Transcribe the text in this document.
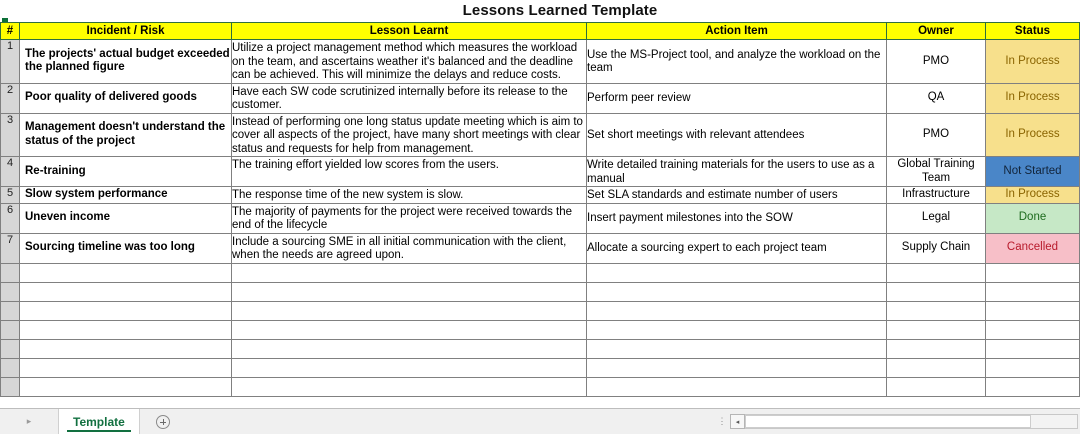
Lessons Learned Template
#	Incident / Risk	Lesson Learnt	Action Item	Owner	Status
1	The projects' actual budget exceeded the planned figure	Utilize a project management method which measures the workload on the team, and ascertains weather it's balanced and the deadline can be achieved. This will minimize the delays and reduce costs.	Use the MS-Project tool, and analyze the workload on the team	PMO	In Process
2	Poor quality of delivered goods	Have each SW code scrutinized internally before its release to the customer.	Perform peer review	QA	In Process
3	Management doesn't understand the status of the project	Instead of performing one long status update meeting which is aim to cover all aspects of the project, have many short meetings with clear status and requests for help from management.	Set short meetings with relevant attendees	PMO	In Process
4	Re-training	The training effort yielded low scores from the users.	Write detailed training materials for the users to use as a manual	Global Training Team	Not Started
5	Slow system performance	The response time of the new system is slow.	Set SLA standards and estimate number of users	Infrastructure	In Process
6	Uneven income	The majority of payments for the project were received towards the end of the lifecycle	Insert payment milestones into the SOW	Legal	Done
7	Sourcing timeline was too long	Include a sourcing SME in all initial communication with the client, when the needs are agreed upon.	Allocate a sourcing expert to each project team	Supply Chain	Cancelled

▸	Template	⋮ ◂
